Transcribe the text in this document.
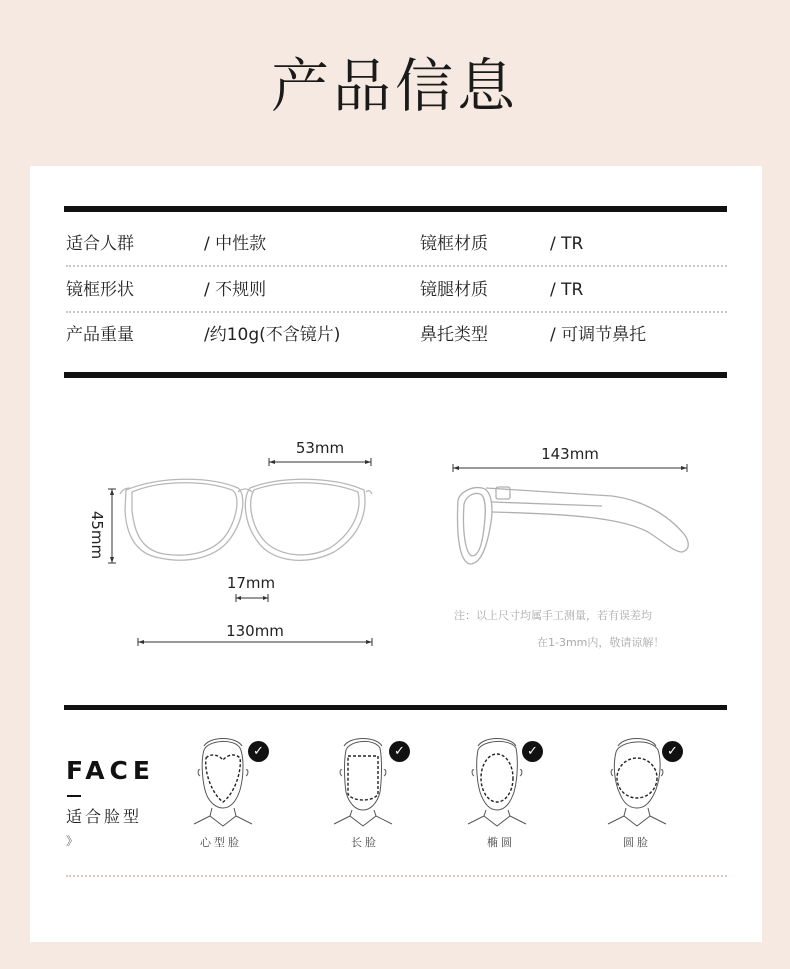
产品信息
适合人群	/ 中性款	镜框材质	/ TR
镜框形状	/ 不规则	镜腿材质	/ TR
产品重量	/约10g(不含镜片)	鼻托类型	/ 可调节鼻托
53mm
45mm
17mm
130mm
143mm
注：以上尺寸均属手工测量，若有误差均
在1-3mm内，敬请谅解！
FACE
适合脸型
》
✓
心型脸
✓
长脸
✓
椭圆
✓
圆脸
